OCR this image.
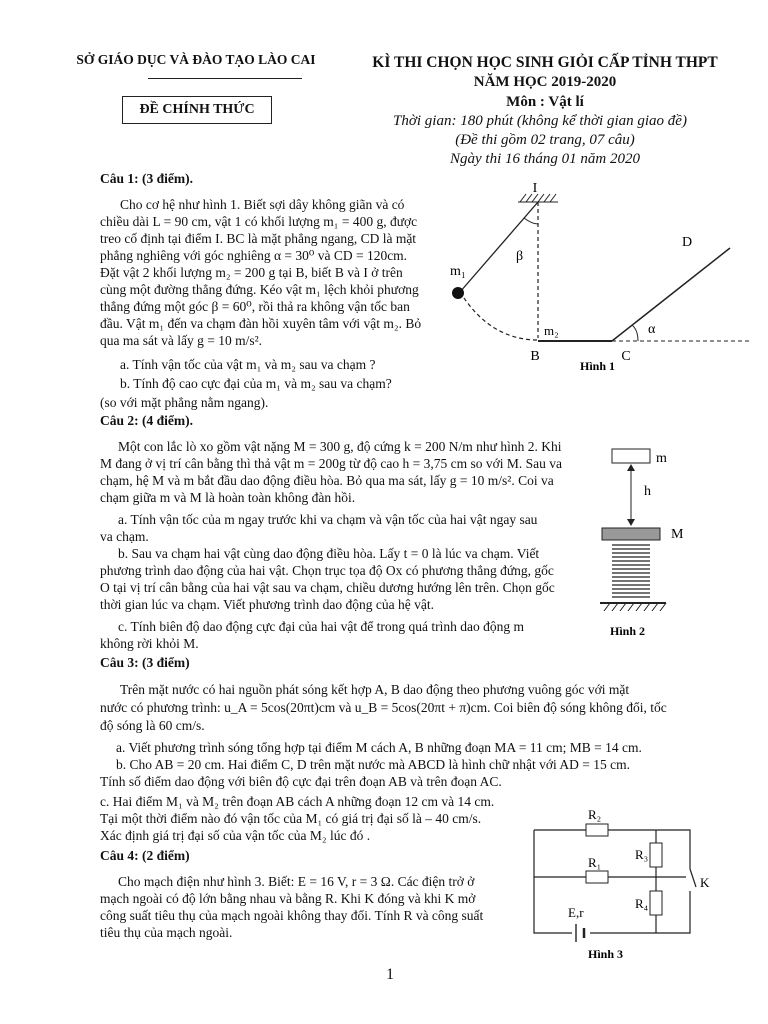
SỞ GIÁO DỤC VÀ ĐÀO TẠO LÀO CAI
ĐỀ CHÍNH THỨC
KÌ THI CHỌN HỌC SINH GIỎI CẤP TỈNH THPT
NĂM HỌC 2019-2020
Môn : Vật lí
Thời gian: 180 phút (không kể thời gian giao đề)
(Đề thi gồm 02 trang, 07 câu)
Ngày thi 16 tháng 01 năm 2020
Câu 1: (3 điểm).
Cho cơ hệ như hình 1. Biết sợi dây không giãn và có
chiều dài L = 90 cm, vật 1 có khối lượng m₁ = 400 g, được
treo cố định tại điểm I. BC là mặt phẳng ngang, CD là mặt
phẳng nghiêng với góc nghiêng α = 30⁰ và CD = 120cm.
Đặt vật 2 khối lượng m₂ = 200 g tại B, biết B và I ở trên
cùng một đường thẳng đứng. Kéo vật m₁ lệch khỏi phương
thẳng đứng một góc β = 60⁰, rồi thả ra không vận tốc ban
đầu. Vật m₁ đến va chạm đàn hồi xuyên tâm với vật m₂. Bỏ
qua ma sát và lấy g = 10 m/s².
a. Tính vận tốc của vật m₁ và m₂ sau va chạm ?
b. Tính độ cao cực đại của m₁ và m₂ sau va chạm?
(so với mặt phẳng nằm ngang).
I
β
m₁
α
m₂
B	C
D
Hình 1
Câu 2: (4 điểm).
Một con lắc lò xo gồm vật nặng M = 300 g, độ cứng k = 200 N/m như hình 2. Khi
M đang ở vị trí cân bằng thì thả vật m = 200g từ độ cao h = 3,75 cm so với M. Sau va
chạm, hệ M và m bắt đầu dao động điều hòa. Bỏ qua ma sát, lấy g = 10 m/s². Coi va
chạm giữa m và M là hoàn toàn không đàn hồi.
a. Tính vận tốc của m ngay trước khi va chạm và vận tốc của hai vật ngay sau
va chạm.
b. Sau va chạm hai vật cùng dao động điều hòa. Lấy t = 0 là lúc va chạm. Viết
phương trình dao động của hai vật. Chọn trục tọa độ Ox có phương thẳng đứng, gốc
O tại vị trí cân bằng của hai vật sau va chạm, chiều dương hướng lên trên. Chọn gốc
thời gian lúc va chạm. Viết phương trình dao động của hệ vật.
c. Tính biên độ dao động cực đại của hai vật để trong quá trình dao động m
không rời khỏi M.
m
h
M
Hình 2
Câu 3: (3 điểm)
Trên mặt nước có hai nguồn phát sóng kết hợp A, B dao động theo phương vuông góc với mặt
nước có phương trình: u_A = 5cos(20πt)cm và u_B = 5cos(20πt + π)cm. Coi biên độ sóng không đổi, tốc
độ sóng là 60 cm/s.
a. Viết phương trình sóng tổng hợp tại điểm M cách A, B những đoạn MA = 11 cm; MB = 14 cm.
b. Cho AB = 20 cm. Hai điểm C, D trên mặt nước mà ABCD là hình chữ nhật với AD = 15 cm.
Tính số điểm dao động với biên độ cực đại trên đoạn AB và trên đoạn AC.
c. Hai điểm M₁ và M₂ trên đoạn AB cách A những đoạn 12 cm và 14 cm.
Tại một thời điểm nào đó vận tốc của M₁ có giá trị đại số là – 40 cm/s.
Xác định giá trị đại số của vận tốc của M₂ lúc đó .
Câu 4: (2 điểm)
Cho mạch điện như hình 3. Biết: E = 16 V, r = 3 Ω. Các điện trở ở
mạch ngoài có độ lớn bằng nhau và bằng R. Khi K đóng và khi K mở
công suất tiêu thụ của mạch ngoài không thay đổi. Tính R và công suất
tiêu thụ của mạch ngoài.
R₂
R₁
R₃
R₄
K
E,r
Hình 3
1
